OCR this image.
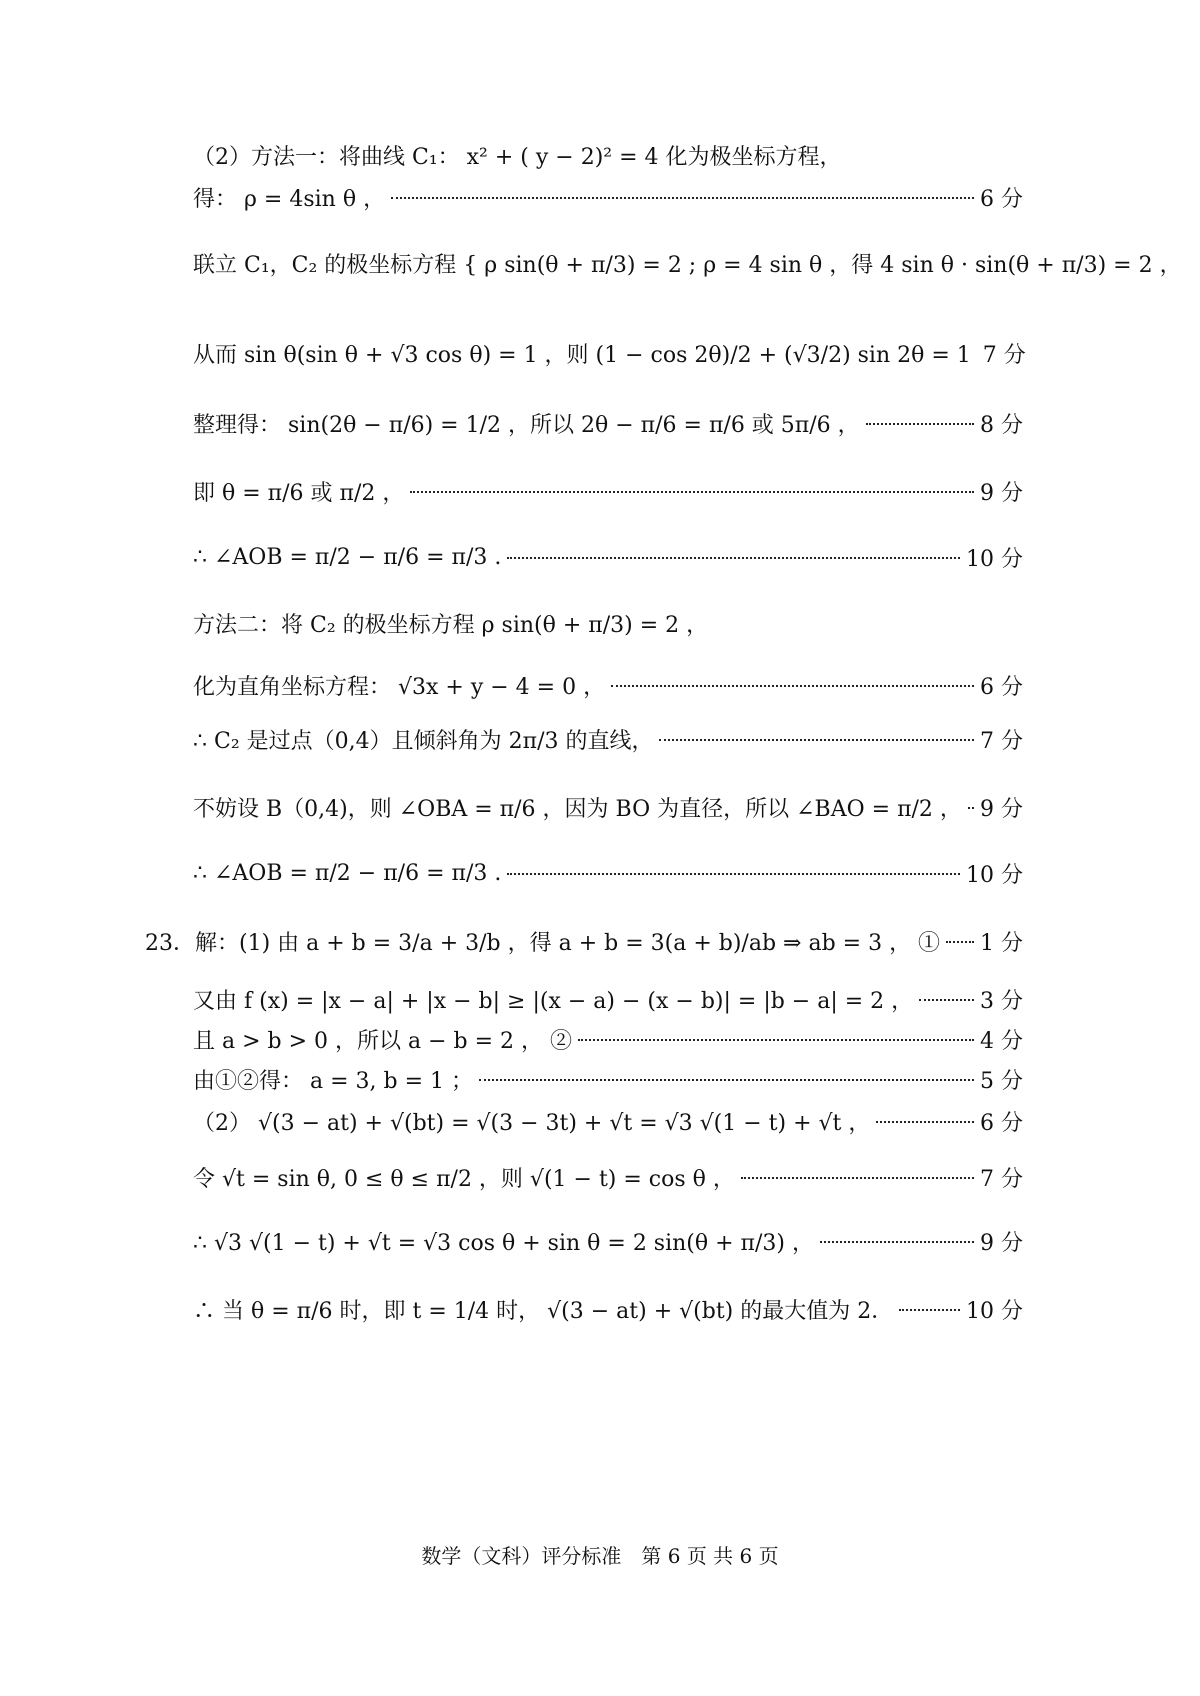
（2）方法一：将曲线 C₁： x² + ( y − 2)² = 4 化为极坐标方程，
得： ρ = 4sin θ ，	6 分
联立 C₁，C₂ 的极坐标方程 { ρ sin(θ + π/3) = 2 ; ρ = 4 sin θ ，得 4 sin θ · sin(θ + π/3) = 2 ，
从而 sin θ(sin θ + √3 cos θ) = 1 ，则 (1 − cos 2θ)/2 + (√3/2) sin 2θ = 1 7 分
整理得： sin(2θ − π/6) = 1/2 ，所以 2θ − π/6 = π/6 或 5π/6 ，	8 分
即 θ = π/6 或 π/2 ，	9 分
∴ ∠AOB = π/2 − π/6 = π/3 .	10 分
方法二：将 C₂ 的极坐标方程 ρ sin(θ + π/3) = 2 ，
化为直角坐标方程： √3x + y − 4 = 0 ，	6 分
∴ C₂ 是过点（0,4）且倾斜角为 2π/3 的直线，	7 分
不妨设 B（0,4)，则 ∠OBA = π/6 ，因为 BO 为直径，所以 ∠BAO = π/2 ， 9 分
∴ ∠AOB = π/2 − π/6 = π/3 .	10 分
23．解：(1) 由 a + b = 3/a + 3/b ，得 a + b = 3(a + b)/ab ⇒ ab = 3 ， ① 1 分
又由 f (x) = |x − a| + |x − b| ≥ |(x − a) − (x − b)| = |b − a| = 2 ，	3 分
且 a > b > 0 ，所以 a − b = 2 ， ②	4 分
由①②得： a = 3, b = 1 ；	5 分
（2） √(3 − at) + √(bt) = √(3 − 3t) + √t = √3 √(1 − t) + √t ，	6 分
令 √t = sin θ, 0 ≤ θ ≤ π/2 ，则 √(1 − t) = cos θ ，	7 分
∴ √3 √(1 − t) + √t = √3 cos θ + sin θ = 2 sin(θ + π/3) ，	9 分
∴ 当 θ = π/6 时，即 t = 1/4 时， √(3 − at) + √(bt) 的最大值为 2．	10 分
数学（文科）评分标准　第 6 页 共 6 页
